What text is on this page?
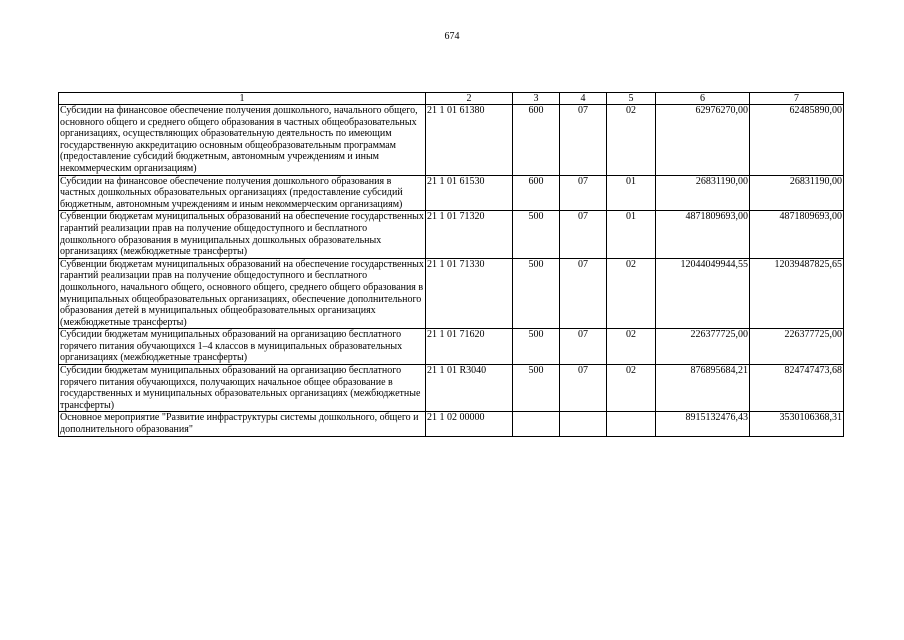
674
1	2	3	4	5	6	7
Субсидии на финансовое обеспечение получения дошкольного, начального общего, основного общего и среднего общего образования в частных общеобразовательных организациях, осуществляющих образовательную деятельность по имеющим государственную аккредитацию основным общеобразовательным программам (предоставление субсидий бюджетным, автономным учреждениям и иным некоммерческим организациям)	21 1 01 61380	600	07	02	62976270,00	62485890,00
Субсидии на финансовое обеспечение получения дошкольного образования в частных дошкольных образовательных организациях (предоставление субсидий бюджетным, автономным учреждениям и иным некоммерческим организациям)	21 1 01 61530	600	07	01	26831190,00	26831190,00
Субвенции бюджетам муниципальных образований на обеспечение государственных гарантий реализации прав на получение общедоступного и бесплатного дошкольного образования в муниципальных дошкольных образовательных организациях (межбюджетные трансферты)	21 1 01 71320	500	07	01	4871809693,00	4871809693,00
Субвенции бюджетам муниципальных образований на обеспечение государственных гарантий реализации прав на получение общедоступного и бесплатного дошкольного, начального общего, основного общего, среднего общего образования в муниципальных общеобразовательных организациях, обеспечение дополнительного образования детей в муниципальных общеобразовательных организациях (межбюджетные трансферты)	21 1 01 71330	500	07	02	12044049944,55	12039487825,65
Субсидии бюджетам муниципальных образований на организацию бесплатного горячего питания обучающихся 1–4 классов в муниципальных образовательных организациях (межбюджетные трансферты)	21 1 01 71620	500	07	02	226377725,00	226377725,00
Субсидии бюджетам муниципальных образований на организацию бесплатного горячего питания обучающихся, получающих начальное общее образование в государственных и муниципальных образовательных организациях (межбюджетные трансферты)	21 1 01 R3040	500	07	02	876895684,21	824747473,68
Основное мероприятие "Развитие инфраструктуры системы дошкольного, общего и дополнительного образования"	21 1 02 00000				8915132476,43	3530106368,31
